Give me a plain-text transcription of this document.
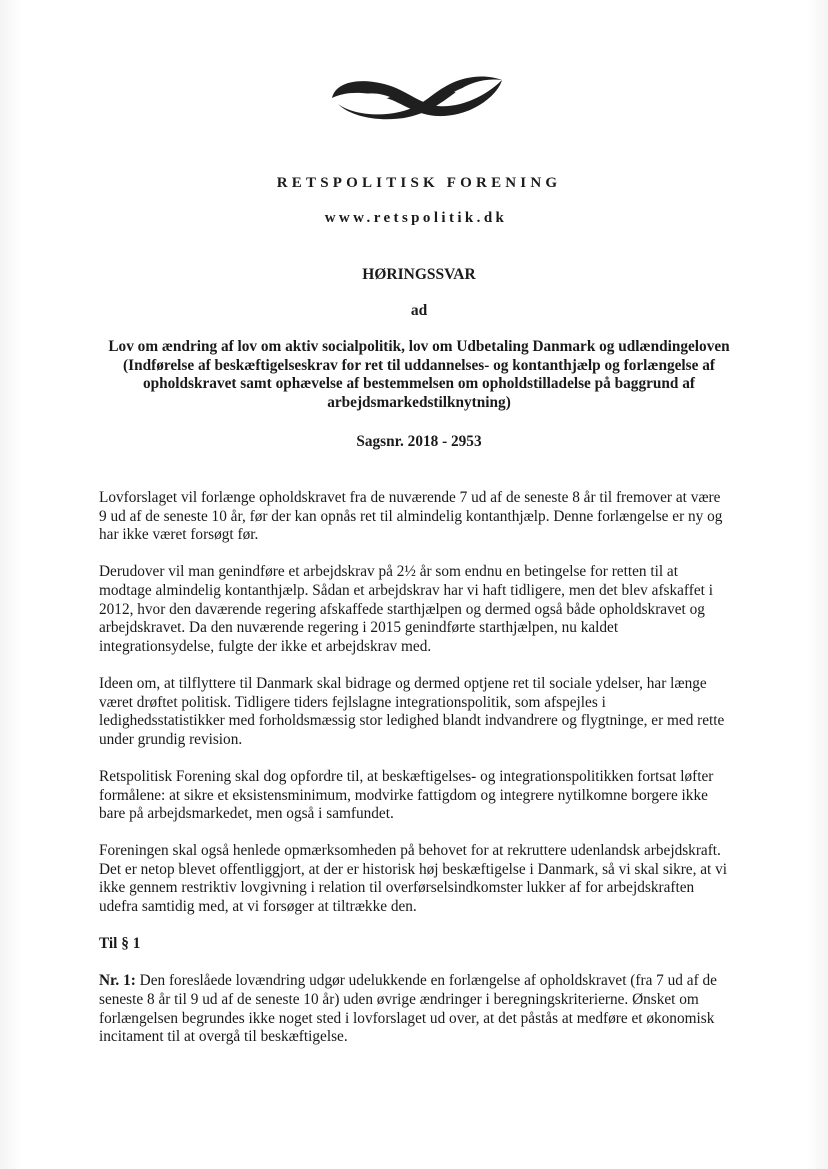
RETSPOLITISK FORENING
www.retspolitik.dk
HØRINGSSVAR
ad
Lov om ændring af lov om aktiv socialpolitik, lov om Udbetaling Danmark og udlændingeloven (Indførelse af beskæftigelseskrav for ret til uddannelses- og kontanthjælp og forlængelse af opholdskravet samt ophævelse af bestemmelsen om opholdstilladelse på baggrund af arbejdsmarkedstilknytning)
Sagsnr. 2018 - 2953

Lovforslaget vil forlænge opholdskravet fra de nuværende 7 ud af de seneste 8 år til fremover at være 9 ud af de seneste 10 år, før der kan opnås ret til almindelig kontanthjælp. Denne forlængelse er ny og har ikke været forsøgt før.

Derudover vil man genindføre et arbejdskrav på 2½ år som endnu en betingelse for retten til at modtage almindelig kontanthjælp. Sådan et arbejdskrav har vi haft tidligere, men det blev afskaffet i 2012, hvor den daværende regering afskaffede starthjælpen og dermed også både opholdskravet og arbejdskravet. Da den nuværende regering i 2015 genindførte starthjælpen, nu kaldet integrationsydelse, fulgte der ikke et arbejdskrav med.

Ideen om, at tilflyttere til Danmark skal bidrage og dermed optjene ret til sociale ydelser, har længe været drøftet politisk. Tidligere tiders fejlslagne integrationspolitik, som afspejles i ledighedsstatistikker med forholdsmæssig stor ledighed blandt indvandrere og flygtninge, er med rette under grundig revision.

Retspolitisk Forening skal dog opfordre til, at beskæftigelses- og integrationspolitikken fortsat løfter formålene: at sikre et eksistensminimum, modvirke fattigdom og integrere nytilkomne borgere ikke bare på arbejdsmarkedet, men også i samfundet.

Foreningen skal også henlede opmærksomheden på behovet for at rekruttere udenlandsk arbejdskraft. Det er netop blevet offentliggjort, at der er historisk høj beskæftigelse i Danmark, så vi skal sikre, at vi ikke gennem restriktiv lovgivning i relation til overførselsindkomster lukker af for arbejdskraften udefra samtidig med, at vi forsøger at tiltrække den.

Til § 1

Nr. 1: Den foreslåede lovændring udgør udelukkende en forlængelse af opholdskravet (fra 7 ud af de seneste 8 år til 9 ud af de seneste 10 år) uden øvrige ændringer i beregningskriterierne. Ønsket om forlængelsen begrundes ikke noget sted i lovforslaget ud over, at det påstås at medføre et økonomisk incitament til at overgå til beskæftigelse.
